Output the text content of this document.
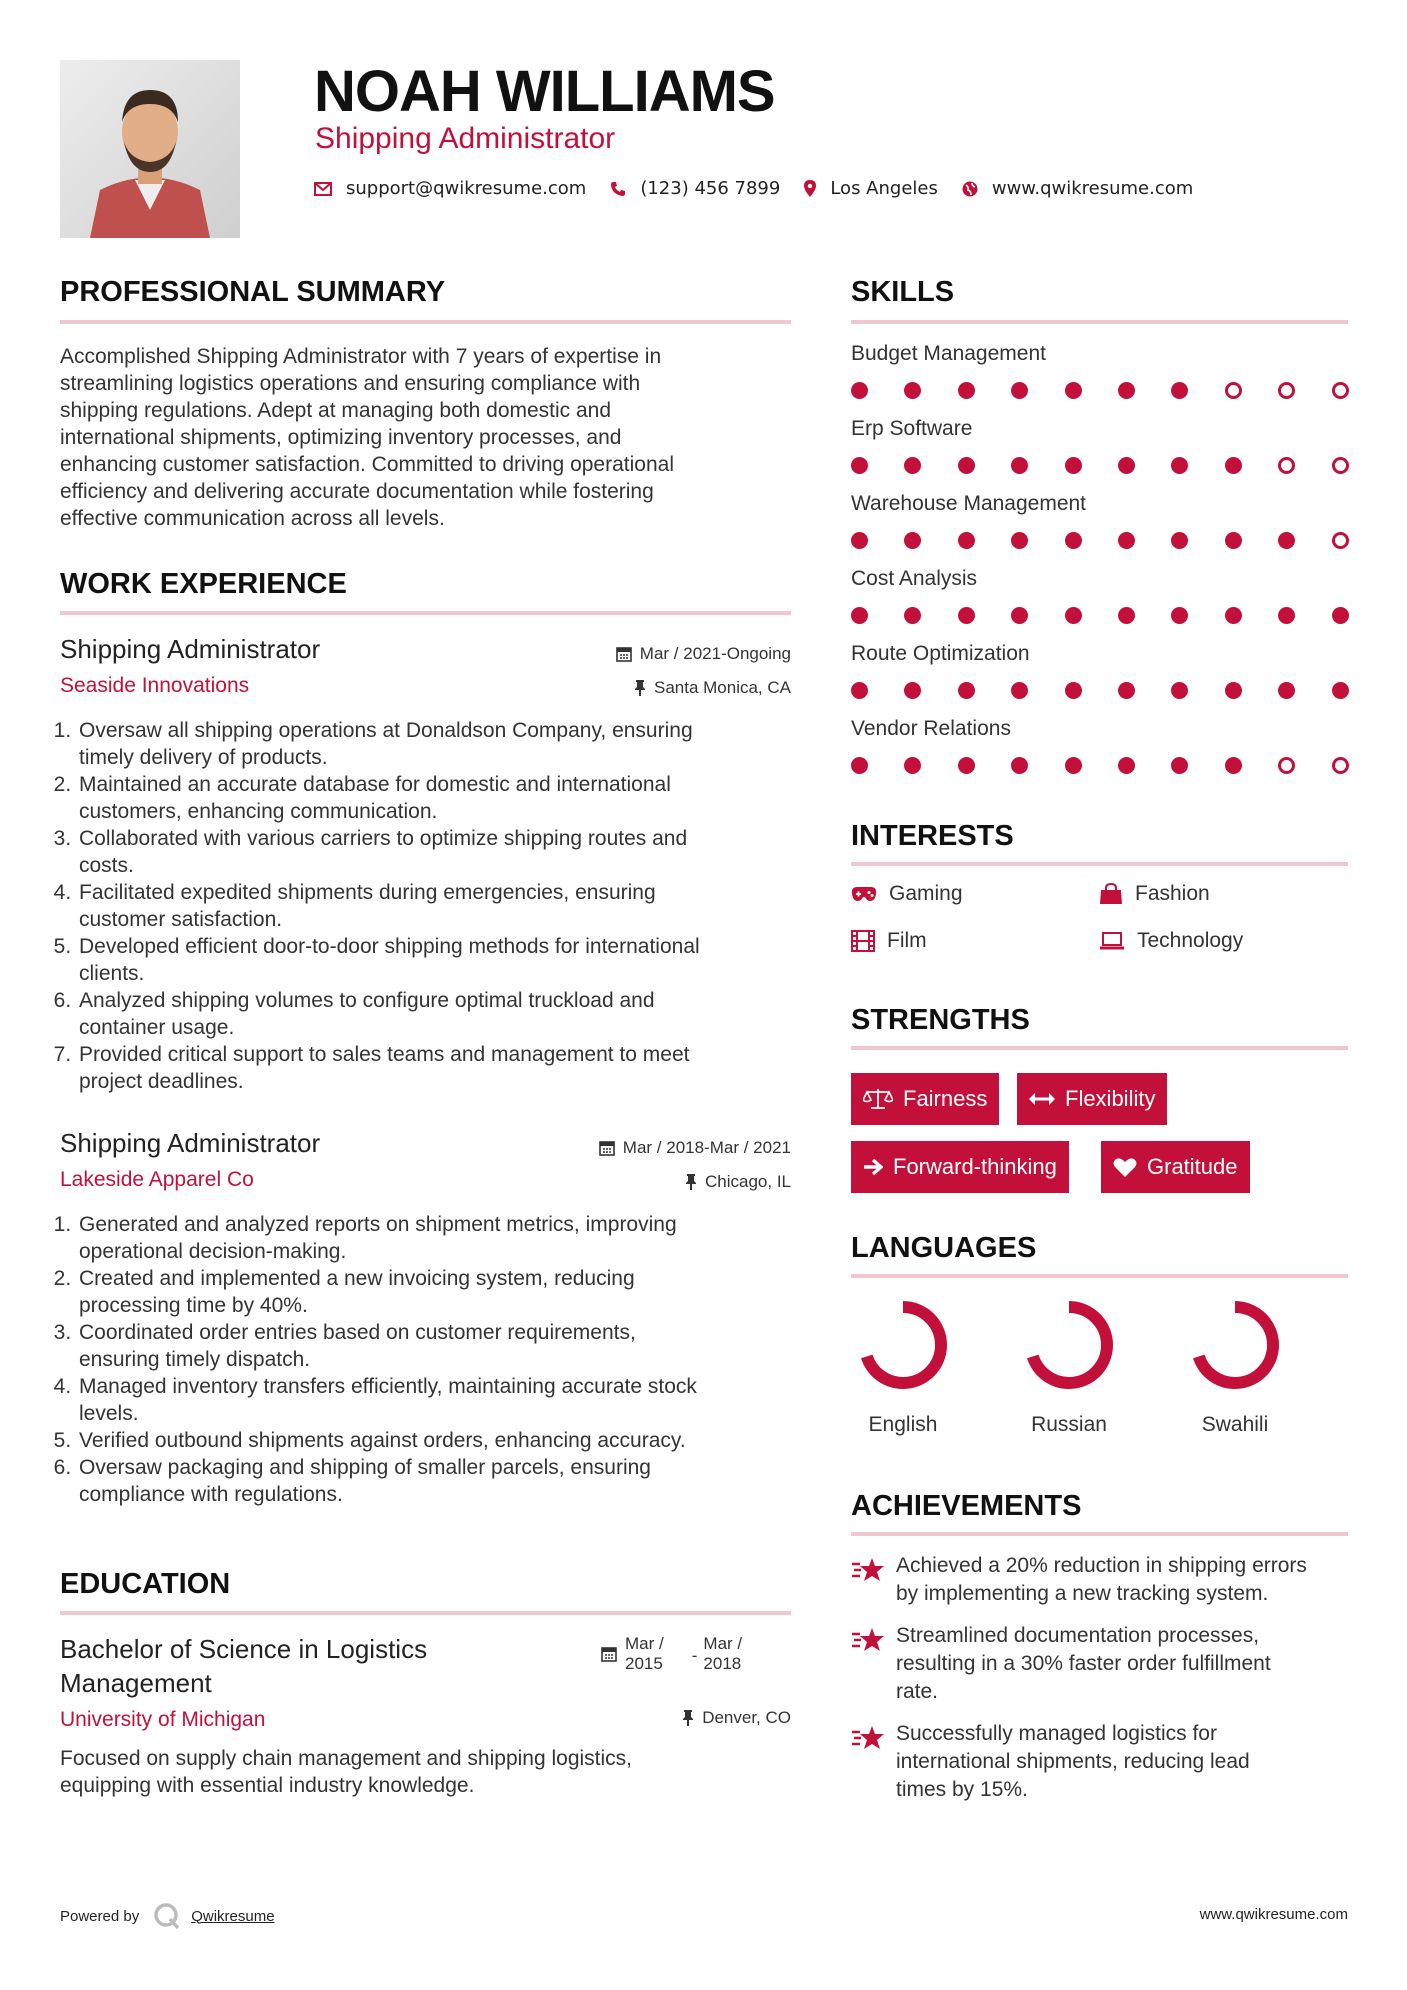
NOAH WILLIAMS
Shipping Administrator
support@qwikresume.com	(123) 456 7899	Los Angeles	www.qwikresume.com
PROFESSIONAL SUMMARY
Accomplished Shipping Administrator with 7 years of expertise in
streamlining logistics operations and ensuring compliance with
shipping regulations. Adept at managing both domestic and
international shipments, optimizing inventory processes, and
enhancing customer satisfaction. Committed to driving operational
efficiency and delivering accurate documentation while fostering
effective communication across all levels.
WORK EXPERIENCE
Shipping Administrator
Seaside Innovations
Mar / 2021-Ongoing
Santa Monica, CA
1. Oversaw all shipping operations at Donaldson Company, ensuring
timely delivery of products.
2. Maintained an accurate database for domestic and international
customers, enhancing communication.
3. Collaborated with various carriers to optimize shipping routes and
costs.
4. Facilitated expedited shipments during emergencies, ensuring
customer satisfaction.
5. Developed efficient door-to-door shipping methods for international
clients.
6. Analyzed shipping volumes to configure optimal truckload and
container usage.
7. Provided critical support to sales teams and management to meet
project deadlines.
Shipping Administrator
Lakeside Apparel Co
Mar / 2018-Mar / 2021
Chicago, IL
1. Generated and analyzed reports on shipment metrics, improving
operational decision-making.
2. Created and implemented a new invoicing system, reducing
processing time by 40%.
3. Coordinated order entries based on customer requirements,
ensuring timely dispatch.
4. Managed inventory transfers efficiently, maintaining accurate stock
levels.
5. Verified outbound shipments against orders, enhancing accuracy.
6. Oversaw packaging and shipping of smaller parcels, ensuring
compliance with regulations.
EDUCATION
Bachelor of Science in Logistics
Management
University of Michigan
Mar /
2015 -
Mar /
2018
Denver, CO
Focused on supply chain management and shipping logistics,
equipping with essential industry knowledge.
SKILLS
Budget Management
Erp Software
Warehouse Management
Cost Analysis
Route Optimization
Vendor Relations
INTERESTS
Gaming	Fashion
Film	Technology
STRENGTHS
Fairness	Flexibility
Forward-thinking	Gratitude
LANGUAGES
English	Russian	Swahili
ACHIEVEMENTS
Achieved a 20% reduction in shipping errors
by implementing a new tracking system.
Streamlined documentation processes,
resulting in a 30% faster order fulfillment
rate.
Successfully managed logistics for
international shipments, reducing lead
times by 15%.
Powered by	Qwikresume	www.qwikresume.com
